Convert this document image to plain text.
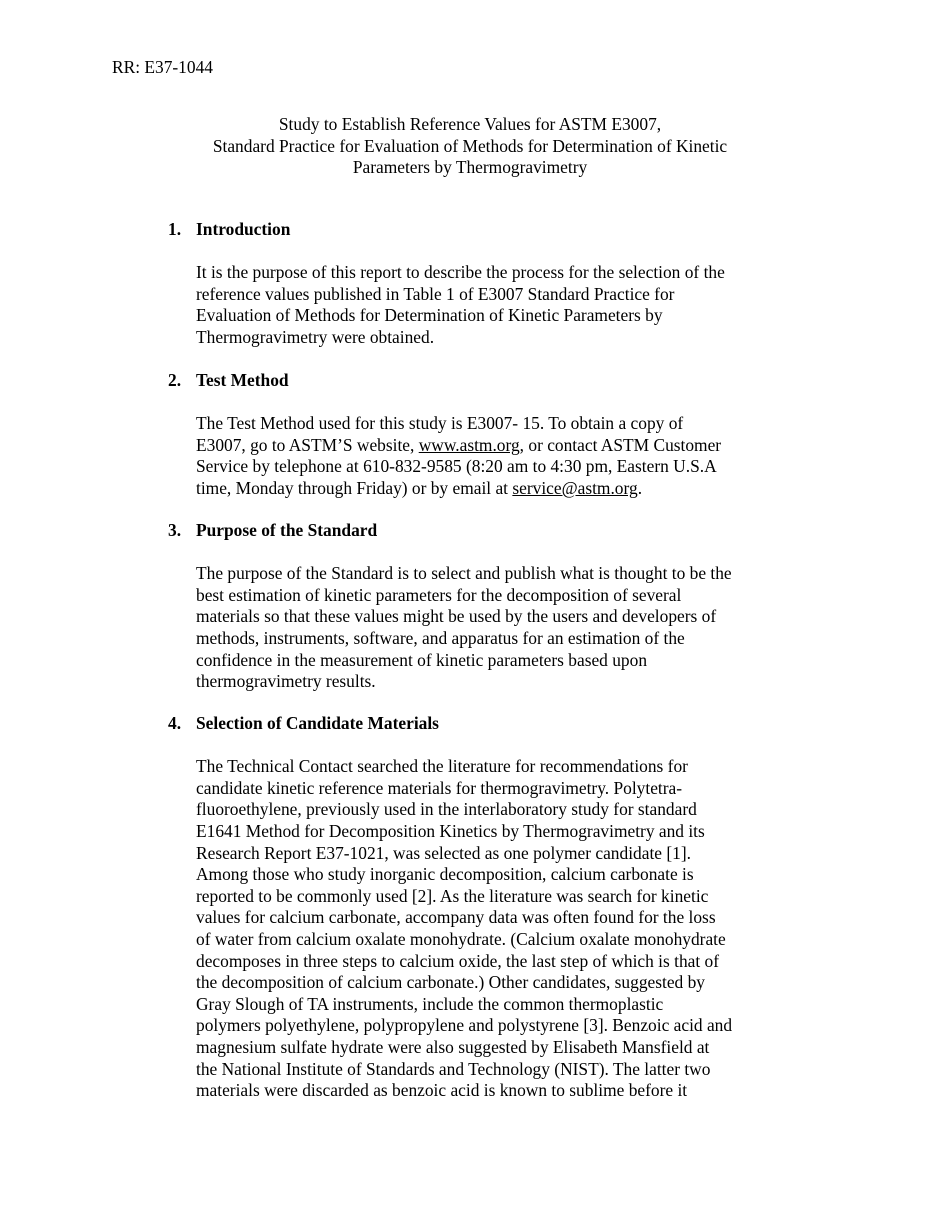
RR: E37-1044
Study to Establish Reference Values for ASTM E3007,
Standard Practice for Evaluation of Methods for Determination of Kinetic
Parameters by Thermogravimetry
1. Introduction
It is the purpose of this report to describe the process for the selection of the
reference values published in Table 1 of E3007 Standard Practice for
Evaluation of Methods for Determination of Kinetic Parameters by
Thermogravimetry were obtained.
2. Test Method
The Test Method used for this study is E3007- 15. To obtain a copy of
E3007, go to ASTM’S website, www.astm.org, or contact ASTM Customer
Service by telephone at 610-832-9585 (8:20 am to 4:30 pm, Eastern U.S.A
time, Monday through Friday) or by email at service@astm.org.
3. Purpose of the Standard
The purpose of the Standard is to select and publish what is thought to be the
best estimation of kinetic parameters for the decomposition of several
materials so that these values might be used by the users and developers of
methods, instruments, software, and apparatus for an estimation of the
confidence in the measurement of kinetic parameters based upon
thermogravimetry results.
4. Selection of Candidate Materials
The Technical Contact searched the literature for recommendations for
candidate kinetic reference materials for thermogravimetry. Polytetra-
fluoroethylene, previously used in the interlaboratory study for standard
E1641 Method for Decomposition Kinetics by Thermogravimetry and its
Research Report E37-1021, was selected as one polymer candidate [1].
Among those who study inorganic decomposition, calcium carbonate is
reported to be commonly used [2]. As the literature was search for kinetic
values for calcium carbonate, accompany data was often found for the loss
of water from calcium oxalate monohydrate. (Calcium oxalate monohydrate
decomposes in three steps to calcium oxide, the last step of which is that of
the decomposition of calcium carbonate.) Other candidates, suggested by
Gray Slough of TA instruments, include the common thermoplastic
polymers polyethylene, polypropylene and polystyrene [3]. Benzoic acid and
magnesium sulfate hydrate were also suggested by Elisabeth Mansfield at
the National Institute of Standards and Technology (NIST). The latter two
materials were discarded as benzoic acid is known to sublime before it
